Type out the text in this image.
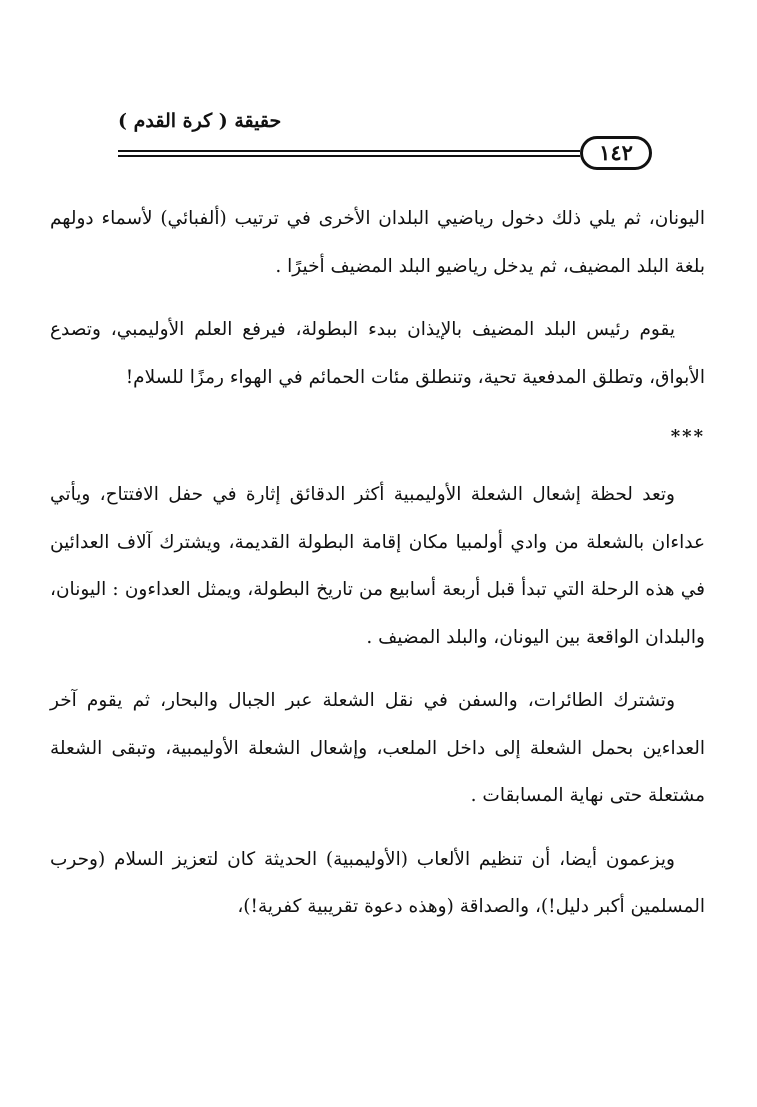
حقيقة ( كرة القدم )
١٤٢

اليونان، ثم يلي ذلك دخول رياضيي البلدان الأخرى في ترتيب (ألفبائي) لأسماء دولهم بلغة البلد المضيف، ثم يدخل رياضيو البلد المضيف أخيرًا .

يقوم رئيس البلد المضيف بالإيذان ببدء البطولة، فيرفع العلم الأوليمبي، وتصدع الأبواق، وتطلق المدفعية تحية، وتنطلق مئات الحمائم في الهواء رمزًا للسلام!

***

وتعد لحظة إشعال الشعلة الأوليمبية أكثر الدقائق إثارة في حفل الافتتاح، ويأتي عداءان بالشعلة من وادي أولمبيا مكان إقامة البطولة القديمة، ويشترك آلاف العدائين في هذه الرحلة التي تبدأ قبل أربعة أسابيع من تاريخ البطولة، ويمثل العداءون : اليونان، والبلدان الواقعة بين اليونان، والبلد المضيف .

وتشترك الطائرات، والسفن في نقل الشعلة عبر الجبال والبحار، ثم يقوم آخر العداءين بحمل الشعلة إلى داخل الملعب، وإشعال الشعلة الأوليمبية، وتبقى الشعلة مشتعلة حتى نهاية المسابقات .

ويزعمون أيضا، أن تنظيم الألعاب (الأوليمبية) الحديثة كان لتعزيز السلام (وحرب المسلمين أكبر دليل!)، والصداقة (وهذه دعوة تقريبية كفرية!)،
